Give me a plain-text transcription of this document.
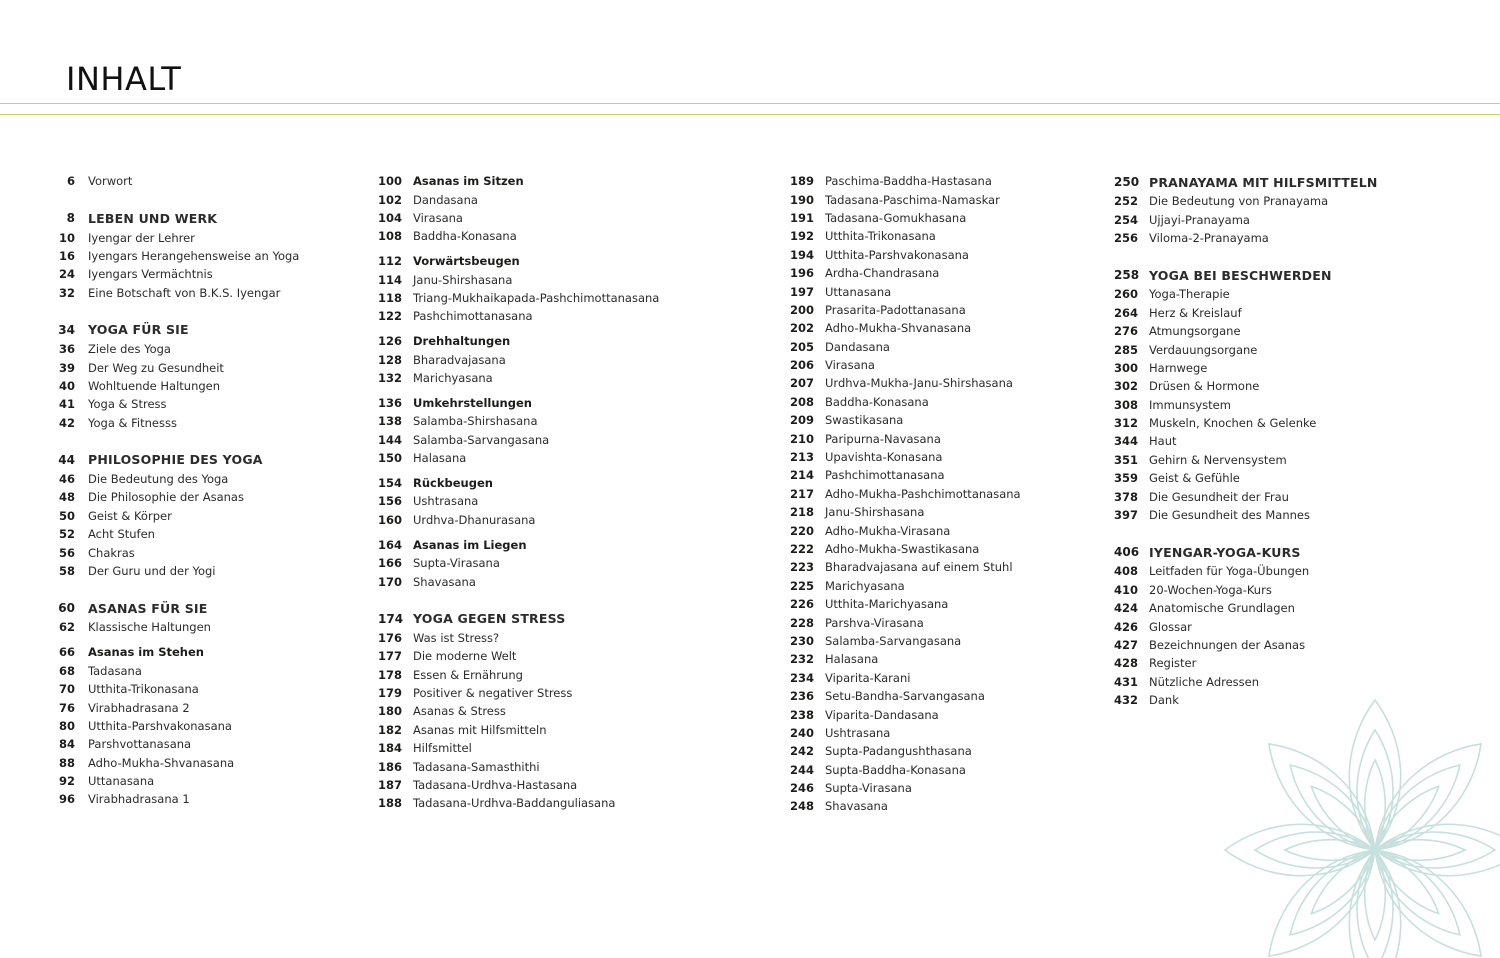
INHALT
6 Vorwort
8 LEBEN UND WERK
10 Iyengar der Lehrer
16 Iyengars Herangehensweise an Yoga
24 Iyengars Vermächtnis
32 Eine Botschaft von B.K.S. Iyengar
34 YOGA FÜR SIE
36 Ziele des Yoga
39 Der Weg zu Gesundheit
40 Wohltuende Haltungen
41 Yoga & Stress
42 Yoga & Fitnesss
44 PHILOSOPHIE DES YOGA
46 Die Bedeutung des Yoga
48 Die Philosophie der Asanas
50 Geist & Körper
52 Acht Stufen
56 Chakras
58 Der Guru und der Yogi
60 ASANAS FÜR SIE
62 Klassische Haltungen
66 Asanas im Stehen
68 Tadasana
70 Utthita-Trikonasana
76 Virabhadrasana 2
80 Utthita-Parshvakonasana
84 Parshvottanasana
88 Adho-Mukha-Shvanasana
92 Uttanasana
96 Virabhadrasana 1
100 Asanas im Sitzen
102 Dandasana
104 Virasana
108 Baddha-Konasana
112 Vorwärtsbeugen
114 Janu-Shirshasana
118 Triang-Mukhaikapada-Pashchimottanasana
122 Pashchimottanasana
126 Drehhaltungen
128 Bharadvajasana
132 Marichyasana
136 Umkehrstellungen
138 Salamba-Shirshasana
144 Salamba-Sarvangasana
150 Halasana
154 Rückbeugen
156 Ushtrasana
160 Urdhva-Dhanurasana
164 Asanas im Liegen
166 Supta-Virasana
170 Shavasana
174 YOGA GEGEN STRESS
176 Was ist Stress?
177 Die moderne Welt
178 Essen & Ernährung
179 Positiver & negativer Stress
180 Asanas & Stress
182 Asanas mit Hilfsmitteln
184 Hilfsmittel
186 Tadasana-Samasthithi
187 Tadasana-Urdhva-Hastasana
188 Tadasana-Urdhva-Baddanguliasana
189 Paschima-Baddha-Hastasana
190 Tadasana-Paschima-Namaskar
191 Tadasana-Gomukhasana
192 Utthita-Trikonasana
194 Utthita-Parshvakonasana
196 Ardha-Chandrasana
197 Uttanasana
200 Prasarita-Padottanasana
202 Adho-Mukha-Shvanasana
205 Dandasana
206 Virasana
207 Urdhva-Mukha-Janu-Shirshasana
208 Baddha-Konasana
209 Swastikasana
210 Paripurna-Navasana
213 Upavishta-Konasana
214 Pashchimottanasana
217 Adho-Mukha-Pashchimottanasana
218 Janu-Shirshasana
220 Adho-Mukha-Virasana
222 Adho-Mukha-Swastikasana
223 Bharadvajasana auf einem Stuhl
225 Marichyasana
226 Utthita-Marichyasana
228 Parshva-Virasana
230 Salamba-Sarvangasana
232 Halasana
234 Viparita-Karani
236 Setu-Bandha-Sarvangasana
238 Viparita-Dandasana
240 Ushtrasana
242 Supta-Padangushthasana
244 Supta-Baddha-Konasana
246 Supta-Virasana
248 Shavasana
250 PRANAYAMA MIT HILFSMITTELN
252 Die Bedeutung von Pranayama
254 Ujjayi-Pranayama
256 Viloma-2-Pranayama
258 YOGA BEI BESCHWERDEN
260 Yoga-Therapie
264 Herz & Kreislauf
276 Atmungsorgane
285 Verdauungsorgane
300 Harnwege
302 Drüsen & Hormone
308 Immunsystem
312 Muskeln, Knochen & Gelenke
344 Haut
351 Gehirn & Nervensystem
359 Geist & Gefühle
378 Die Gesundheit der Frau
397 Die Gesundheit des Mannes
406 IYENGAR-YOGA-KURS
408 Leitfaden für Yoga-Übungen
410 20-Wochen-Yoga-Kurs
424 Anatomische Grundlagen
426 Glossar
427 Bezeichnungen der Asanas
428 Register
431 Nützliche Adressen
432 Dank
